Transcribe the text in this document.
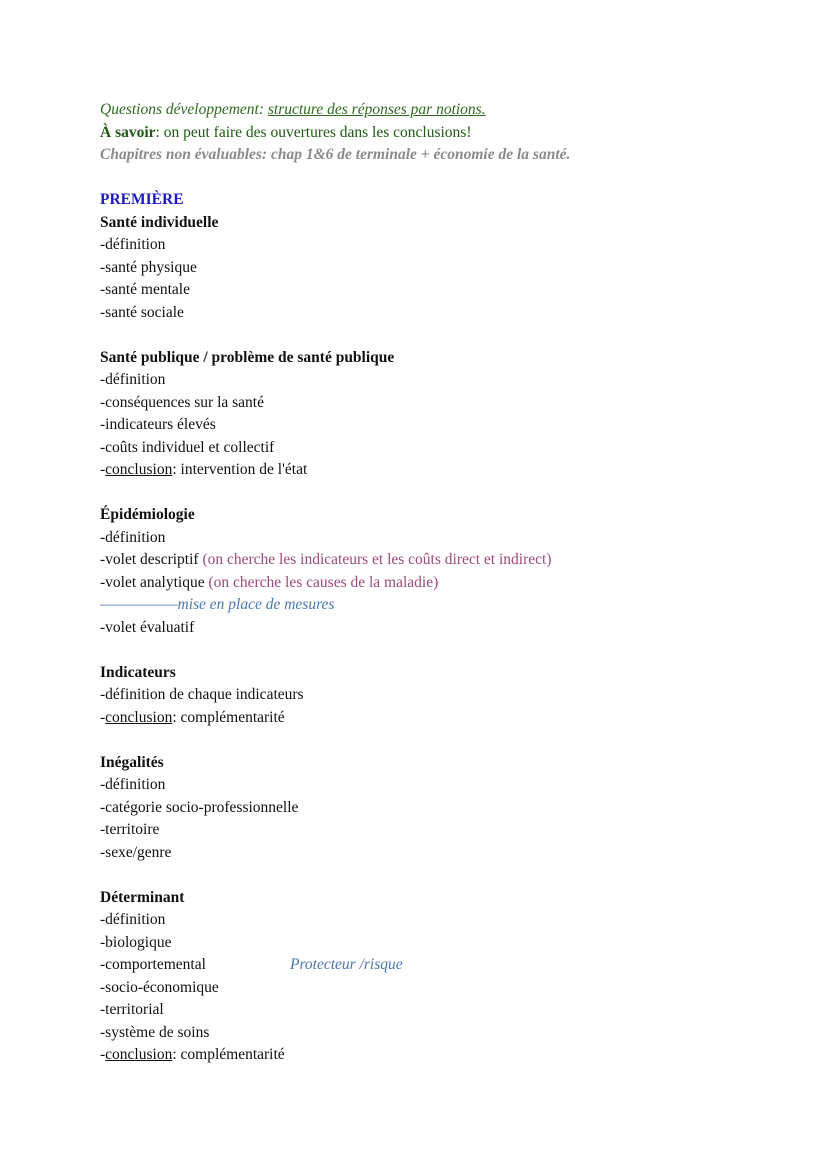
Questions développement: structure des réponses par notions.
À savoir: on peut faire des ouvertures dans les conclusions!
Chapitres non évaluables: chap 1&6 de terminale + économie de la santé.
PREMIÈRE
Santé individuelle
-définition
-santé physique
-santé mentale
-santé sociale
Santé publique / problème de santé publique
-définition
-conséquences sur la santé
-indicateurs élevés
-coûts individuel et collectif
-conclusion: intervention de l'état
Épidémiologie
-définition
-volet descriptif (on cherche les indicateurs et les coûts direct et indirect)
-volet analytique (on cherche les causes de la maladie)
––––––––––mise en place de mesures
-volet évaluatif
Indicateurs
-définition de chaque indicateurs
-conclusion: complémentarité
Inégalités
-définition
-catégorie socio-professionnelle
-territoire
-sexe/genre
Déterminant
-définition
-biologique
-comportemental	Protecteur /risque
-socio-économique
-territorial
-système de soins
-conclusion: complémentarité
